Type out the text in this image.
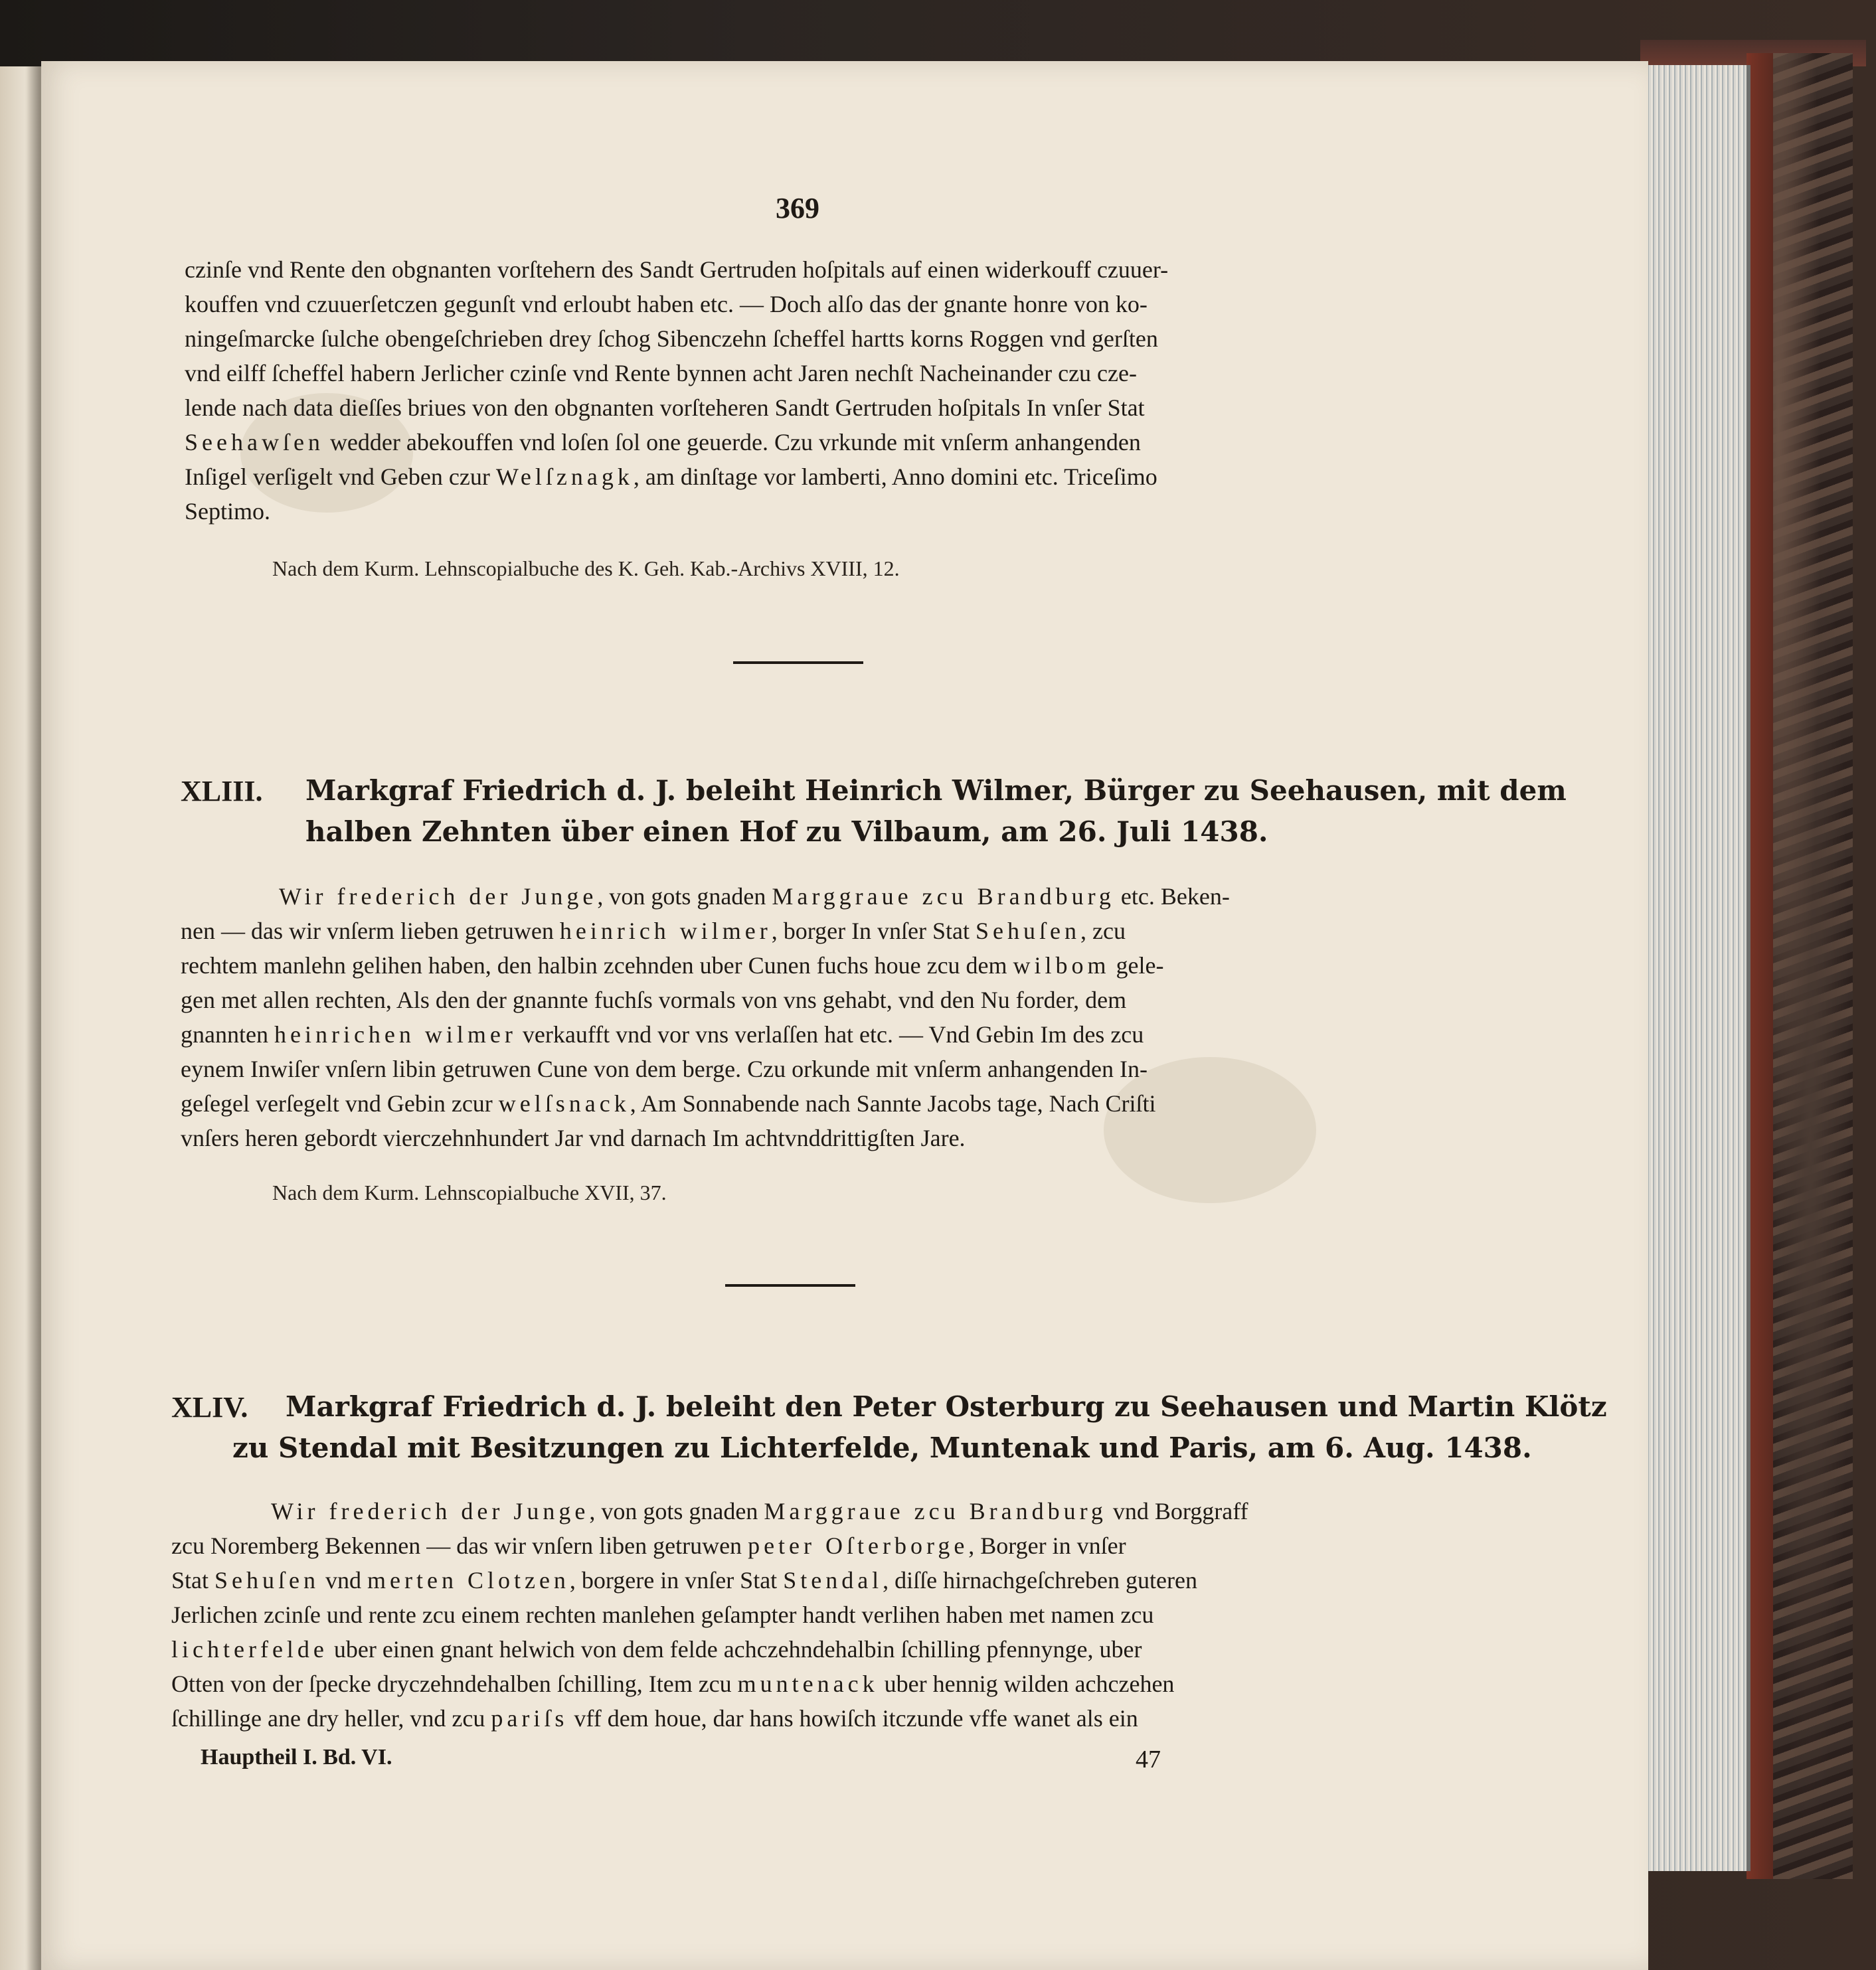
369
czinſe vnd Rente den obgnanten vorſtehern des Sandt Gertruden hoſpitals auf einen widerkouff czuuer-
kouffen vnd czuuerſetczen gegunſt vnd erloubt haben etc. — Doch alſo das der gnante honre von ko-
ningeſmarcke ſulche obengeſchrieben drey ſchog Sibenczehn ſcheffel hartts korns Roggen vnd gerſten
vnd eilff ſcheffel habern Jerlicher czinſe vnd Rente bynnen acht Jaren nechſt Nacheinander czu cze-
lende nach data dieſſes briues von den obgnanten vorſteheren Sandt Gertruden hoſpitals In vnſer Stat
Seehawſen wedder abekouffen vnd loſen ſol one geuerde. Czu vrkunde mit vnſerm anhangenden
Inſigel verſigelt vnd Geben czur Welſznagk, am dinſtage vor lamberti, Anno domini etc. Triceſimo
Septimo.
Nach dem Kurm. Lehnscopialbuche des K. Geh. Kab.-Archivs XVIII, 12.
XLIII. Markgraf Friedrich d. J. beleiht Heinrich Wilmer, Bürger zu Seehausen, mit dem
halben Zehnten über einen Hof zu Vilbaum, am 26. Juli 1438.
Wir frederich der Junge, von gots gnaden Marggraue zcu Brandburg etc. Beken-
nen — das wir vnſerm lieben getruwen heinrich wilmer, borger In vnſer Stat Sehuſen, zcu
rechtem manlehn gelihen haben, den halbin zcehnden uber Cunen fuchs houe zcu dem wilbom gele-
gen met allen rechten, Als den der gnannte fuchſs vormals von vns gehabt, vnd den Nu forder, dem
gnannten heinrichen wilmer verkaufft vnd vor vns verlaſſen hat etc. — Vnd Gebin Im des zcu
eynem Inwiſer vnſern libin getruwen Cune von dem berge. Czu orkunde mit vnſerm anhangenden In-
geſegel verſegelt vnd Gebin zcur welſsnack, Am Sonnabende nach Sannte Jacobs tage, Nach Criſti
vnſers heren gebordt vierczehnhundert Jar vnd darnach Im achtvnddrittigſten Jare.
Nach dem Kurm. Lehnscopialbuche XVII, 37.
XLIV. Markgraf Friedrich d. J. beleiht den Peter Osterburg zu Seehausen und Martin Klötz
zu Stendal mit Besitzungen zu Lichterfelde, Muntenak und Paris, am 6. Aug. 1438.
Wir frederich der Junge, von gots gnaden Marggraue zcu Brandburg vnd Borggraff
zcu Noremberg Bekennen — das wir vnſern liben getruwen peter Oſterborge, Borger in vnſer
Stat Sehuſen vnd merten Clotzen, borgere in vnſer Stat Stendal, diſſe hirnachgeſchreben guteren
Jerlichen zcinſe und rente zcu einem rechten manlehen geſampter handt verlihen haben met namen zcu
lichterfelde uber einen gnant helwich von dem felde achczehndehalbin ſchilling pfennynge, uber
Otten von der ſpecke dryczehndehalben ſchilling, Item zcu muntenack uber hennig wilden achczehen
ſchillinge ane dry heller, vnd zcu pariſs vff dem houe, dar hans howiſch itczunde vffe wanet als ein
Hauptheil I. Bd. VI.	47
